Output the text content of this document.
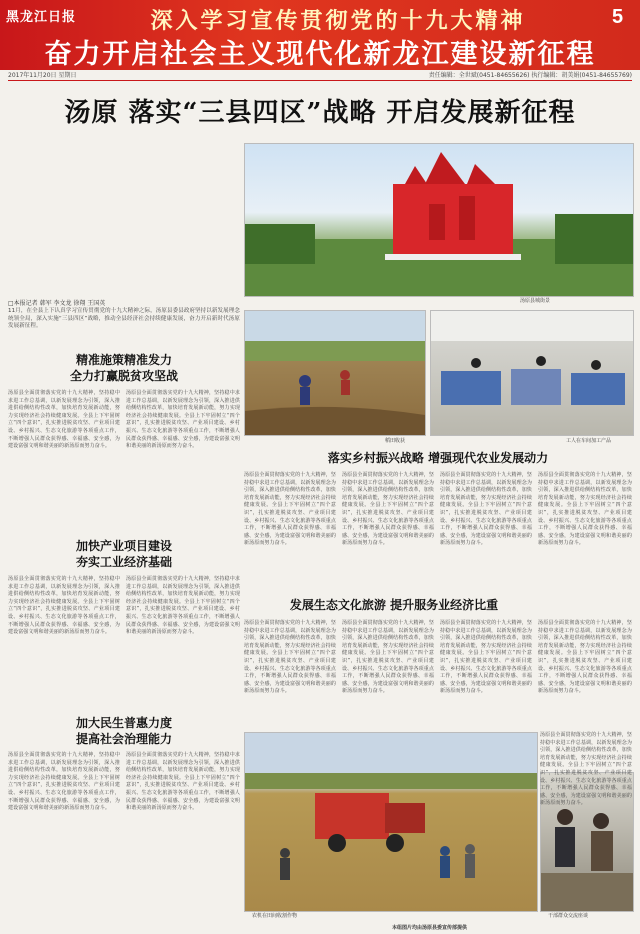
黑龙江日报	深入学习宣传贯彻党的十九大精神
奋力开启社会主义现代化新龙江建设新征程
5
2017年11月20日 星期日	责任编辑：全世斌(0451-84655626) 执行编辑：胡美娟(0451-84655769)
汤原 落实“三县四区”战略 开启发展新征程
汤原县城街景
□本报记者 韩军 李文龙 徐翔 王国英
11月，在全县上下认真学习宣传贯彻党的十九大精神之际，汤原县委县政府坚持以新发展理念统领全局，深入实施“三县四区”战略，推动全县经济社会持续健康发展，奋力开启新时代汤原发展新征程。
精准施策精准发力
全力打赢脱贫攻坚战
汤原县全面贯彻落实党的十九大精神，坚持稳中求进工作总基调，以新发展理念为引领，深入推进供给侧结构性改革，加快培育发展新动能，努力实现经济社会持续健康发展。全县上下牢固树立“四个意识”，扎实推进脱贫攻坚、产业项目建设、乡村振兴、生态文化旅游等各项重点工作，不断增强人民群众获得感、幸福感、安全感，为建设富强文明和谐美丽的新汤原而努力奋斗。
汤原县全面贯彻落实党的十九大精神，坚持稳中求进工作总基调，以新发展理念为引领，深入推进供给侧结构性改革，加快培育发展新动能，努力实现经济社会持续健康发展。全县上下牢固树立“四个意识”，扎实推进脱贫攻坚、产业项目建设、乡村振兴、生态文化旅游等各项重点工作，不断增强人民群众获得感、幸福感、安全感，为建设富强文明和谐美丽的新汤原而努力奋斗。
加快产业项目建设
夯实工业经济基础
汤原县全面贯彻落实党的十九大精神，坚持稳中求进工作总基调，以新发展理念为引领，深入推进供给侧结构性改革，加快培育发展新动能，努力实现经济社会持续健康发展。全县上下牢固树立“四个意识”，扎实推进脱贫攻坚、产业项目建设、乡村振兴、生态文化旅游等各项重点工作，不断增强人民群众获得感、幸福感、安全感，为建设富强文明和谐美丽的新汤原而努力奋斗。
汤原县全面贯彻落实党的十九大精神，坚持稳中求进工作总基调，以新发展理念为引领，深入推进供给侧结构性改革，加快培育发展新动能，努力实现经济社会持续健康发展。全县上下牢固树立“四个意识”，扎实推进脱贫攻坚、产业项目建设、乡村振兴、生态文化旅游等各项重点工作，不断增强人民群众获得感、幸福感、安全感，为建设富强文明和谐美丽的新汤原而努力奋斗。
加大民生普惠力度
提高社会治理能力
汤原县全面贯彻落实党的十九大精神，坚持稳中求进工作总基调，以新发展理念为引领，深入推进供给侧结构性改革，加快培育发展新动能，努力实现经济社会持续健康发展。全县上下牢固树立“四个意识”，扎实推进脱贫攻坚、产业项目建设、乡村振兴、生态文化旅游等各项重点工作，不断增强人民群众获得感、幸福感、安全感，为建设富强文明和谐美丽的新汤原而努力奋斗。
汤原县全面贯彻落实党的十九大精神，坚持稳中求进工作总基调，以新发展理念为引领，深入推进供给侧结构性改革，加快培育发展新动能，努力实现经济社会持续健康发展。全县上下牢固树立“四个意识”，扎实推进脱贫攻坚、产业项目建设、乡村振兴、生态文化旅游等各项重点工作，不断增强人民群众获得感、幸福感、安全感，为建设富强文明和谐美丽的新汤原而努力奋斗。
稻田收获	工人在车间加工产品
落实乡村振兴战略 增强现代农业发展动力
汤原县全面贯彻落实党的十九大精神，坚持稳中求进工作总基调，以新发展理念为引领，深入推进供给侧结构性改革，加快培育发展新动能，努力实现经济社会持续健康发展。全县上下牢固树立“四个意识”，扎实推进脱贫攻坚、产业项目建设、乡村振兴、生态文化旅游等各项重点工作，不断增强人民群众获得感、幸福感、安全感，为建设富强文明和谐美丽的新汤原而努力奋斗。
汤原县全面贯彻落实党的十九大精神，坚持稳中求进工作总基调，以新发展理念为引领，深入推进供给侧结构性改革，加快培育发展新动能，努力实现经济社会持续健康发展。全县上下牢固树立“四个意识”，扎实推进脱贫攻坚、产业项目建设、乡村振兴、生态文化旅游等各项重点工作，不断增强人民群众获得感、幸福感、安全感，为建设富强文明和谐美丽的新汤原而努力奋斗。
汤原县全面贯彻落实党的十九大精神，坚持稳中求进工作总基调，以新发展理念为引领，深入推进供给侧结构性改革，加快培育发展新动能，努力实现经济社会持续健康发展。全县上下牢固树立“四个意识”，扎实推进脱贫攻坚、产业项目建设、乡村振兴、生态文化旅游等各项重点工作，不断增强人民群众获得感、幸福感、安全感，为建设富强文明和谐美丽的新汤原而努力奋斗。
汤原县全面贯彻落实党的十九大精神，坚持稳中求进工作总基调，以新发展理念为引领，深入推进供给侧结构性改革，加快培育发展新动能，努力实现经济社会持续健康发展。全县上下牢固树立“四个意识”，扎实推进脱贫攻坚、产业项目建设、乡村振兴、生态文化旅游等各项重点工作，不断增强人民群众获得感、幸福感、安全感，为建设富强文明和谐美丽的新汤原而努力奋斗。
发展生态文化旅游 提升服务业经济比重
汤原县全面贯彻落实党的十九大精神，坚持稳中求进工作总基调，以新发展理念为引领，深入推进供给侧结构性改革，加快培育发展新动能，努力实现经济社会持续健康发展。全县上下牢固树立“四个意识”，扎实推进脱贫攻坚、产业项目建设、乡村振兴、生态文化旅游等各项重点工作，不断增强人民群众获得感、幸福感、安全感，为建设富强文明和谐美丽的新汤原而努力奋斗。
汤原县全面贯彻落实党的十九大精神，坚持稳中求进工作总基调，以新发展理念为引领，深入推进供给侧结构性改革，加快培育发展新动能，努力实现经济社会持续健康发展。全县上下牢固树立“四个意识”，扎实推进脱贫攻坚、产业项目建设、乡村振兴、生态文化旅游等各项重点工作，不断增强人民群众获得感、幸福感、安全感，为建设富强文明和谐美丽的新汤原而努力奋斗。
汤原县全面贯彻落实党的十九大精神，坚持稳中求进工作总基调，以新发展理念为引领，深入推进供给侧结构性改革，加快培育发展新动能，努力实现经济社会持续健康发展。全县上下牢固树立“四个意识”，扎实推进脱贫攻坚、产业项目建设、乡村振兴、生态文化旅游等各项重点工作，不断增强人民群众获得感、幸福感、安全感，为建设富强文明和谐美丽的新汤原而努力奋斗。
汤原县全面贯彻落实党的十九大精神，坚持稳中求进工作总基调，以新发展理念为引领，深入推进供给侧结构性改革，加快培育发展新动能，努力实现经济社会持续健康发展。全县上下牢固树立“四个意识”，扎实推进脱贫攻坚、产业项目建设、乡村振兴、生态文化旅游等各项重点工作，不断增强人民群众获得感、幸福感、安全感，为建设富强文明和谐美丽的新汤原而努力奋斗。
农机在田间收割作物
本组图片均由汤原县委宣传部提供
干部群众交流座谈
汤原县全面贯彻落实党的十九大精神，坚持稳中求进工作总基调，以新发展理念为引领，深入推进供给侧结构性改革，加快培育发展新动能，努力实现经济社会持续健康发展。全县上下牢固树立“四个意识”，扎实推进脱贫攻坚、产业项目建设、乡村振兴、生态文化旅游等各项重点工作，不断增强人民群众获得感、幸福感、安全感，为建设富强文明和谐美丽的新汤原而努力奋斗。
